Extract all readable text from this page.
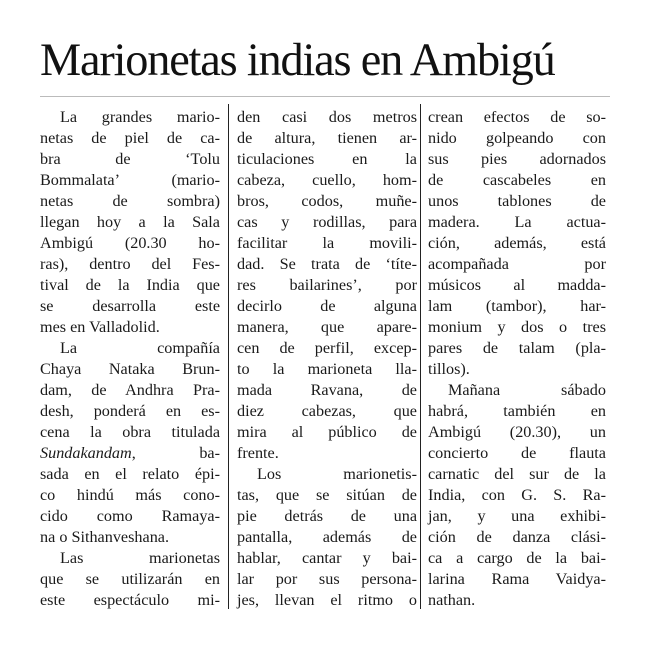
Marionetas indias en Ambigú
La grandes mario-
netas de piel de ca-
bra de ‘Tolu
Bommalata’ (mario-
netas de sombra)
llegan hoy a la Sala
Ambigú (20.30 ho-
ras), dentro del Fes-
tival de la India que
se desarrolla este
mes en Valladolid.
La compañía
Chaya Nataka Brun-
dam, de Andhra Pra-
desh, ponderá en es-
cena la obra titulada
Sundakandam, ba-
sada en el relato épi-
co hindú más cono-
cido como Ramaya-
na o Sithanveshana.
Las marionetas
que se utilizarán en
este espectáculo mi-
den casi dos metros
de altura, tienen ar-
ticulaciones en la
cabeza, cuello, hom-
bros, codos, muñe-
cas y rodillas, para
facilitar la movili-
dad. Se trata de ‘títe-
res bailarines’, por
decirlo de alguna
manera, que apare-
cen de perfil, excep-
to la marioneta lla-
mada Ravana, de
diez cabezas, que
mira al público de
frente.
Los marionetis-
tas, que se sitúan de
pie detrás de una
pantalla, además de
hablar, cantar y bai-
lar por sus persona-
jes, llevan el ritmo o
crean efectos de so-
nido golpeando con
sus pies adornados
de cascabeles en
unos tablones de
madera. La actua-
ción, además, está
acompañada por
músicos al madda-
lam (tambor), har-
monium y dos o tres
pares de talam (pla-
tillos).
Mañana sábado
habrá, también en
Ambigú (20.30), un
concierto de flauta
carnatic del sur de la
India, con G. S. Ra-
jan, y una exhibi-
ción de danza clási-
ca a cargo de la bai-
larina Rama Vaidya-
nathan.
